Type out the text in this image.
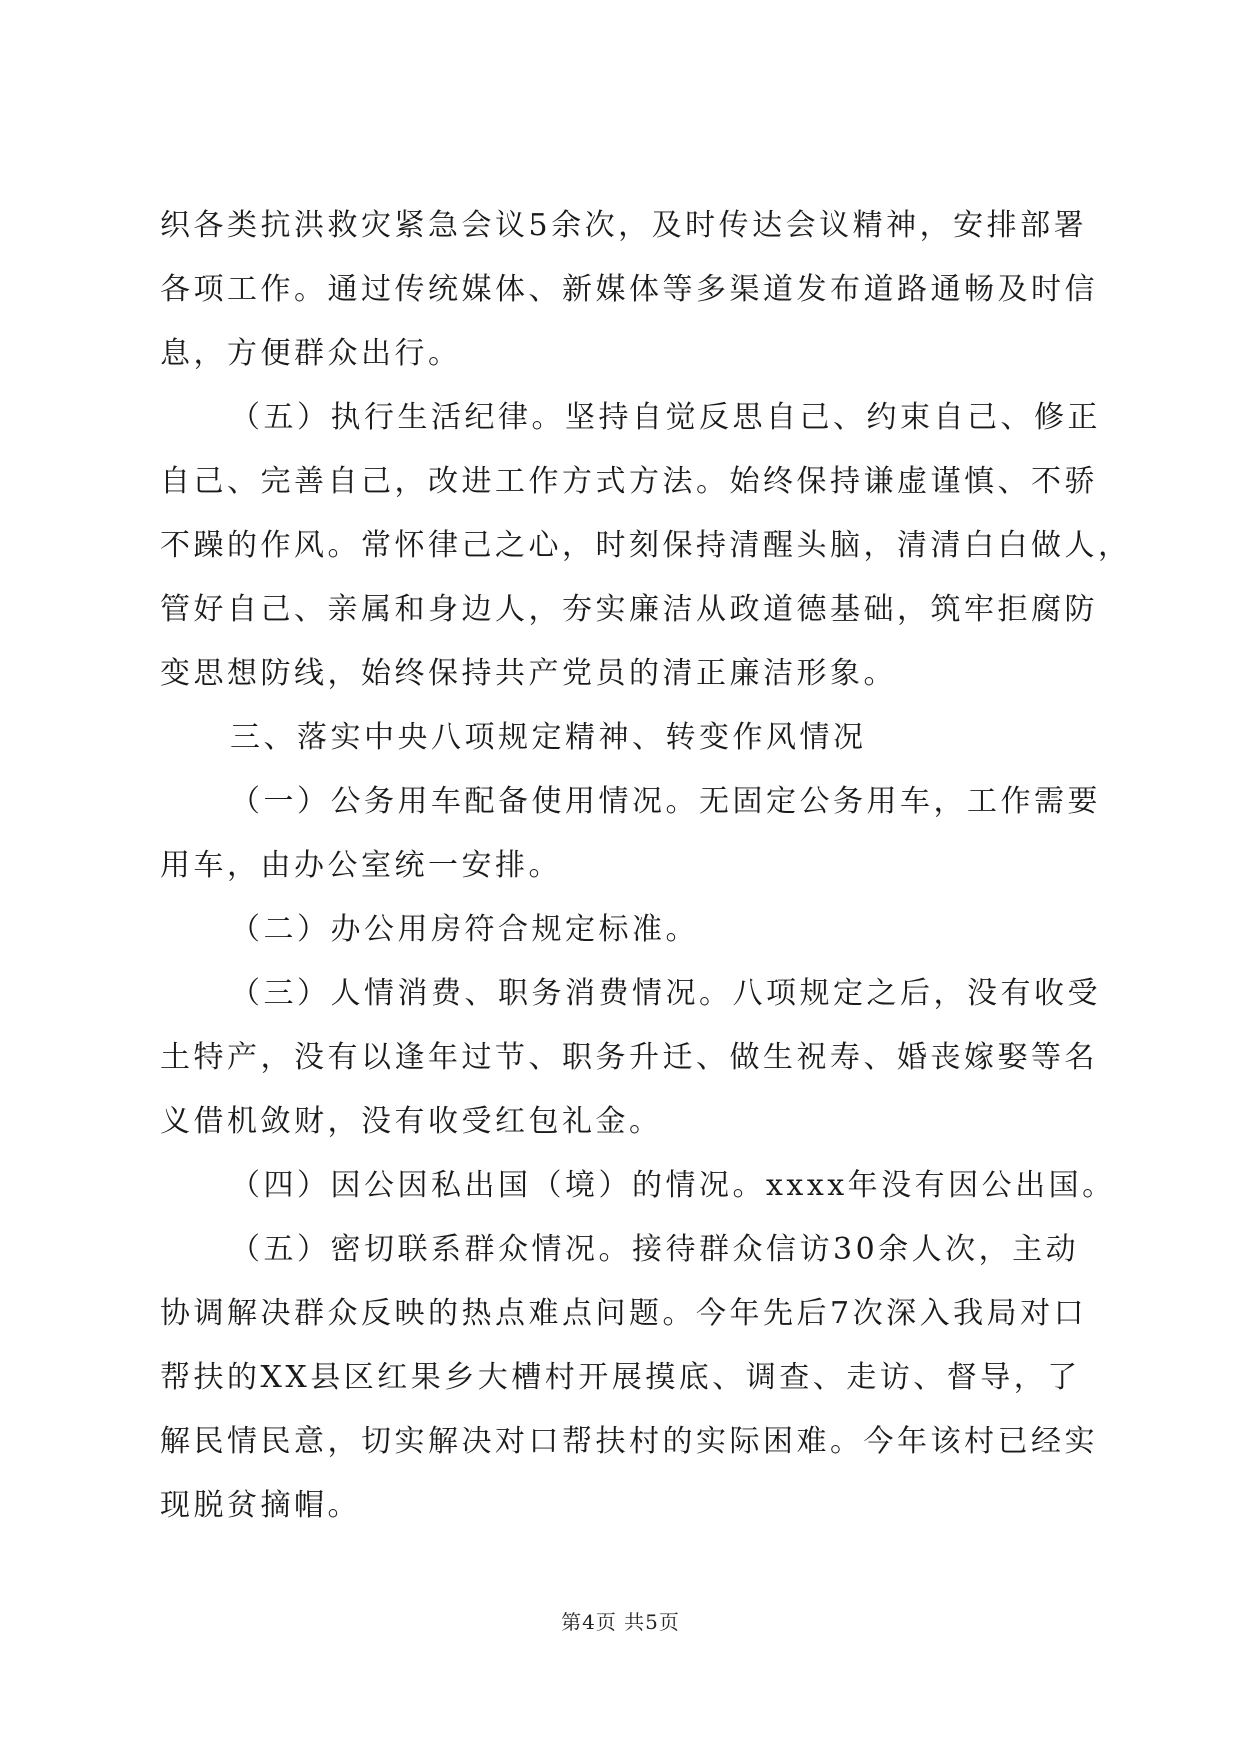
织各类抗洪救灾紧急会议5余次，及时传达会议精神，安排部署
各项工作。通过传统媒体、新媒体等多渠道发布道路通畅及时信
息，方便群众出行。
（五）执行生活纪律。坚持自觉反思自己、约束自己、修正
自己、完善自己，改进工作方式方法。始终保持谦虚谨慎、不骄
不躁的作风。常怀律己之心，时刻保持清醒头脑，清清白白做人，
管好自己、亲属和身边人，夯实廉洁从政道德基础，筑牢拒腐防
变思想防线，始终保持共产党员的清正廉洁形象。
三、落实中央八项规定精神、转变作风情况
（一）公务用车配备使用情况。无固定公务用车，工作需要
用车，由办公室统一安排。
（二）办公用房符合规定标准。
（三）人情消费、职务消费情况。八项规定之后，没有收受
土特产，没有以逢年过节、职务升迁、做生祝寿、婚丧嫁娶等名
义借机敛财，没有收受红包礼金。
（四）因公因私出国（境）的情况。xxxx年没有因公出国。
（五）密切联系群众情况。接待群众信访30余人次，主动
协调解决群众反映的热点难点问题。今年先后7次深入我局对口
帮扶的XX县区红果乡大槽村开展摸底、调查、走访、督导，了
解民情民意，切实解决对口帮扶村的实际困难。今年该村已经实
现脱贫摘帽。
第4页 共5页
